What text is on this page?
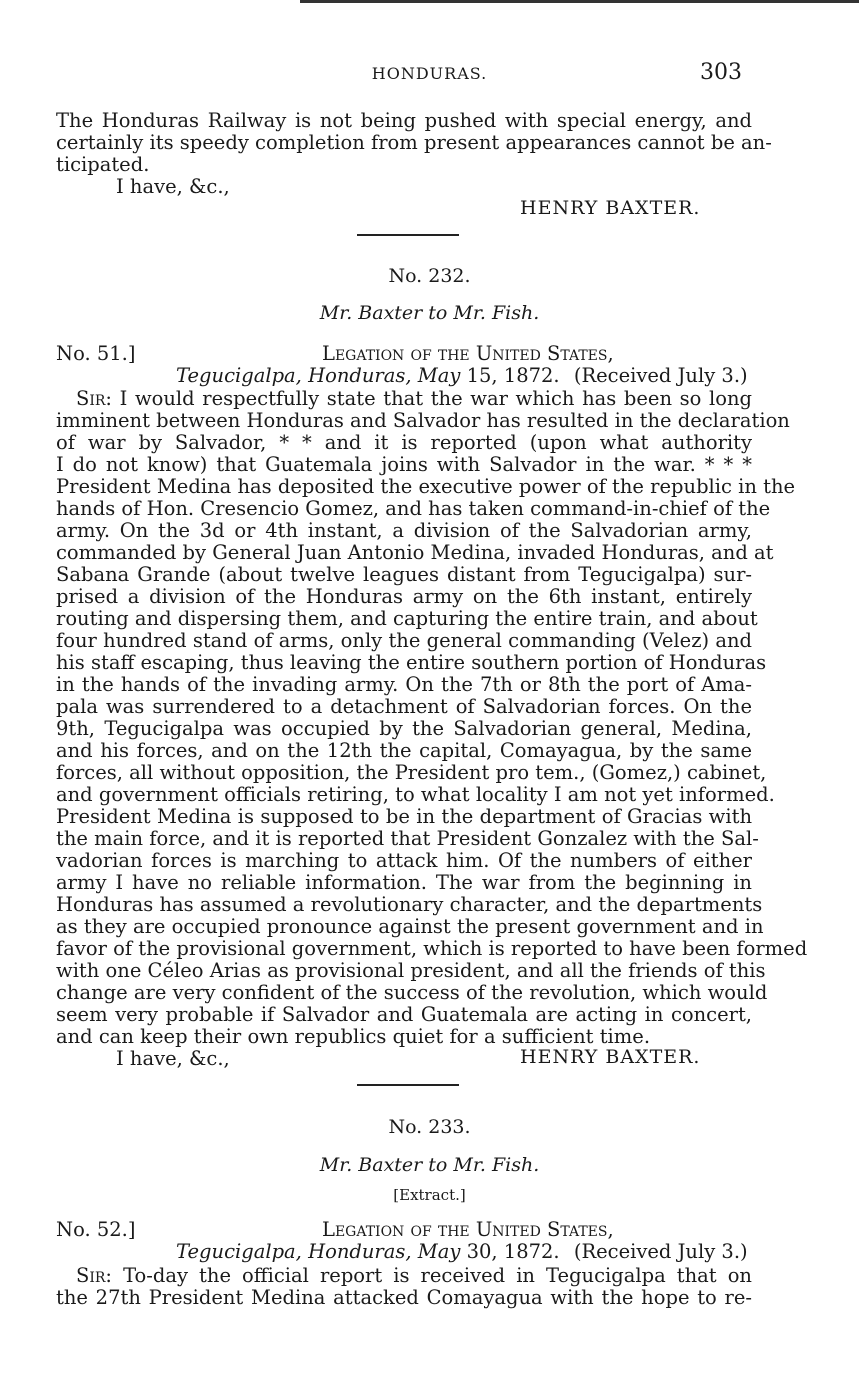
HONDURAS.	303
The Honduras Railway is not being pushed with special energy, and
certainly its speedy completion from present appearances cannot be an-
ticipated.
I have, &c.,
HENRY BAXTER.
No. 232.
Mr. Baxter to Mr. Fish.
No. 51.]	Legation of the United States,
Tegucigalpa, Honduras, May 15, 1872. (Received July 3.)
Sir: I would respectfully state that the war which has been so long
imminent between Honduras and Salvador has resulted in the declaration
of war by Salvador, * * and it is reported (upon what authority
I do not know) that Guatemala joins with Salvador in the war. * * *
President Medina has deposited the executive power of the republic in the
hands of Hon. Cresencio Gomez, and has taken command-in-chief of the
army. On the 3d or 4th instant, a division of the Salvadorian army,
commanded by General Juan Antonio Medina, invaded Honduras, and at
Sabana Grande (about twelve leagues distant from Tegucigalpa) sur-
prised a division of the Honduras army on the 6th instant, entirely
routing and dispersing them, and capturing the entire train, and about
four hundred stand of arms, only the general commanding (Velez) and
his staff escaping, thus leaving the entire southern portion of Honduras
in the hands of the invading army. On the 7th or 8th the port of Ama-
pala was surrendered to a detachment of Salvadorian forces. On the
9th, Tegucigalpa was occupied by the Salvadorian general, Medina,
and his forces, and on the 12th the capital, Comayagua, by the same
forces, all without opposition, the President pro tem., (Gomez,) cabinet,
and government officials retiring, to what locality I am not yet informed.
President Medina is supposed to be in the department of Gracias with
the main force, and it is reported that President Gonzalez with the Sal-
vadorian forces is marching to attack him. Of the numbers of either
army I have no reliable information. The war from the beginning in
Honduras has assumed a revolutionary character, and the departments
as they are occupied pronounce against the present government and in
favor of the provisional government, which is reported to have been formed
with one Céleo Arias as provisional president, and all the friends of this
change are very confident of the success of the revolution, which would
seem very probable if Salvador and Guatemala are acting in concert,
and can keep their own republics quiet for a sufficient time.
I have, &c.,	HENRY BAXTER.
No. 233.
Mr. Baxter to Mr. Fish.
[Extract.]
No. 52.]	Legation of the United States,
Tegucigalpa, Honduras, May 30, 1872. (Received July 3.)
Sir: To-day the official report is received in Tegucigalpa that on
the 27th President Medina attacked Comayagua with the hope to re-
